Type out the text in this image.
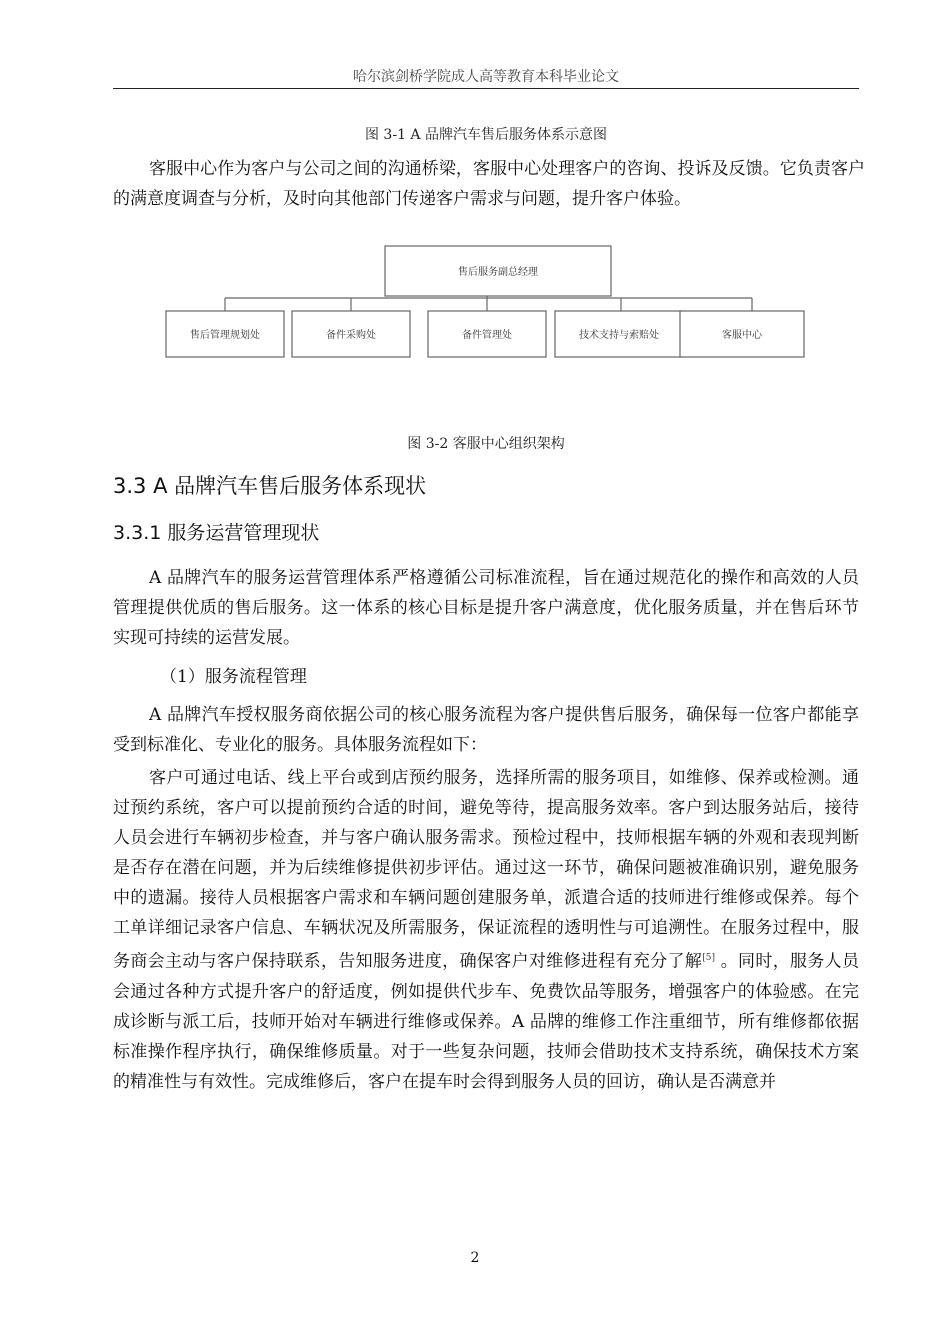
哈尔滨剑桥学院成人高等教育本科毕业论文
图 3-1 A 品牌汽车售后服务体系示意图

客服中心作为客户与公司之间的沟通桥梁，客服中心处理客户的咨询、投诉及反馈。它负责客户的满意度调查与分析，及时向其他部门传递客户需求与问题，提升客户体验。

售后服务副总经理
售后管理规划处	备件采购处	备件管理处	技术支持与索赔处	客服中心
图 3-2 客服中心组织架构
3.3 A 品牌汽车售后服务体系现状
3.3.1 服务运营管理现状

A 品牌汽车的服务运营管理体系严格遵循公司标准流程，旨在通过规范化的操作和高效的人员管理提供优质的售后服务。这一体系的核心目标是提升客户满意度，优化服务质量，并在售后环节实现可持续的运营发展。

（1）服务流程管理

A 品牌汽车授权服务商依据公司的核心服务流程为客户提供售后服务，确保每一位客户都能享受到标准化、专业化的服务。具体服务流程如下：

客户可通过电话、线上平台或到店预约服务，选择所需的服务项目，如维修、保养或检测。通过预约系统，客户可以提前预约合适的时间，避免等待，提高服务效率。客户到达服务站后，接待人员会进行车辆初步检查，并与客户确认服务需求。预检过程中，技师根据车辆的外观和表现判断是否存在潜在问题，并为后续维修提供初步评估。通过这一环节，确保问题被准确识别，避免服务中的遗漏。接待人员根据客户需求和车辆问题创建服务单，派遣合适的技师进行维修或保养。每个工单详细记录客户信息、车辆状况及所需服务，保证流程的透明性与可追溯性。在服务过程中，服务商会主动与客户保持联系，告知服务进度，确保客户对维修进程有充分了解[5] 。同时，服务人员会通过各种方式提升客户的舒适度，例如提供代步车、免费饮品等服务，增强客户的体验感。在完成诊断与派工后，技师开始对车辆进行维修或保养。A 品牌的维修工作注重细节，所有维修都依据标准操作程序执行，确保维修质量。对于一些复杂问题，技师会借助技术支持系统，确保技术方案的精准性与有效性。完成维修后，客户在提车时会得到服务人员的回访，确认是否满意并

2
